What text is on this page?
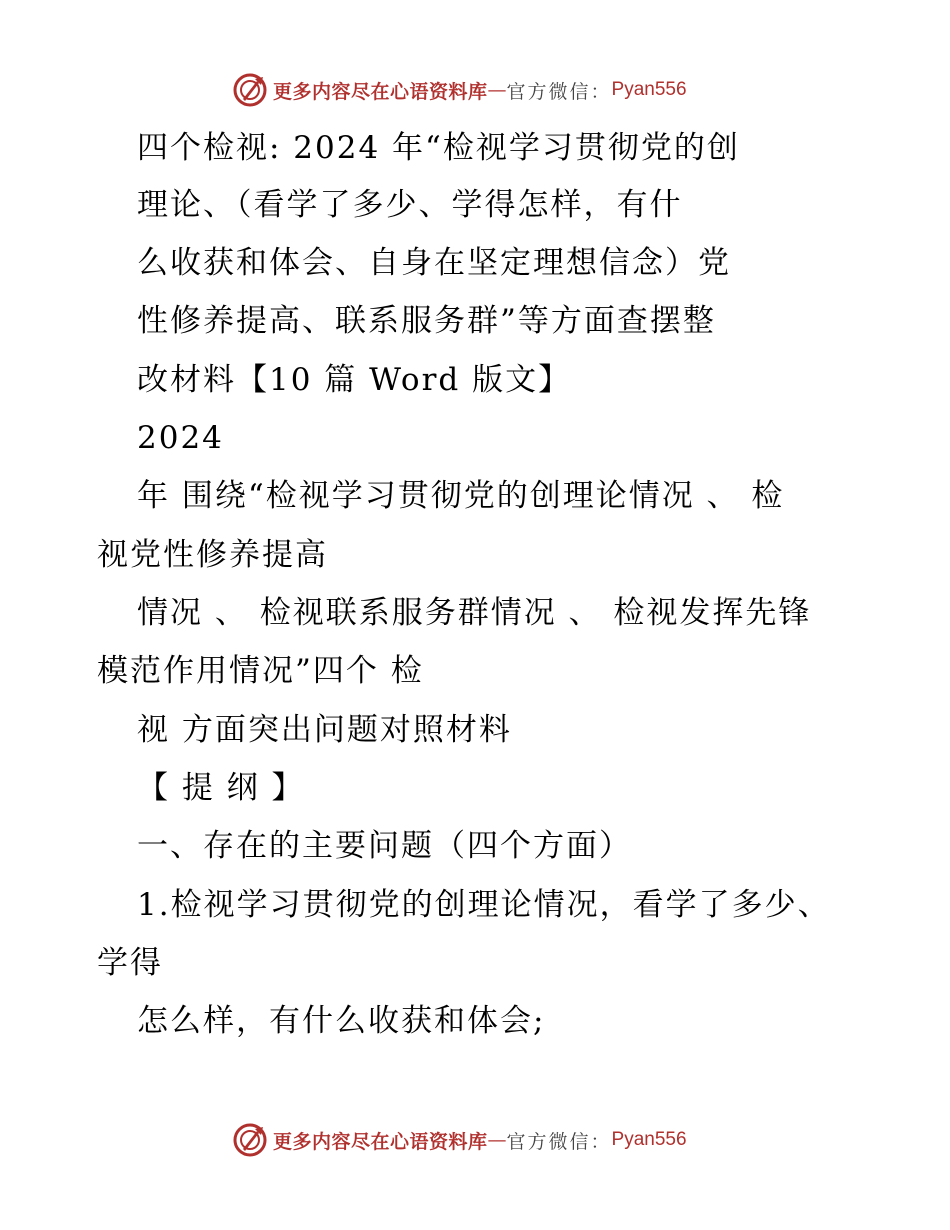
更多内容尽在心语资料库 — 官方微信： Pyan556
四个检视: 2024 年“检视学习贯彻党的创
理论、（看学了多少、学得怎样，有什
么收获和体会、自身在坚定理想信念）党
性修养提高、联系服务群”等方面查摆整
改材料【10 篇 Word 版文】
2024
年 围绕“检视学习贯彻党的创理论情况 、 检
视党性修养提高
情况 、 检视联系服务群情况 、 检视发挥先锋
模范作用情况”四个 检
视 方面突出问题对照材料
【 提 纲 】
一、存在的主要问题（四个方面）
1.检视学习贯彻党的创理论情况，看学了多少、
学得
怎么样，有什么收获和体会;
更多内容尽在心语资料库 — 官方微信： Pyan556
